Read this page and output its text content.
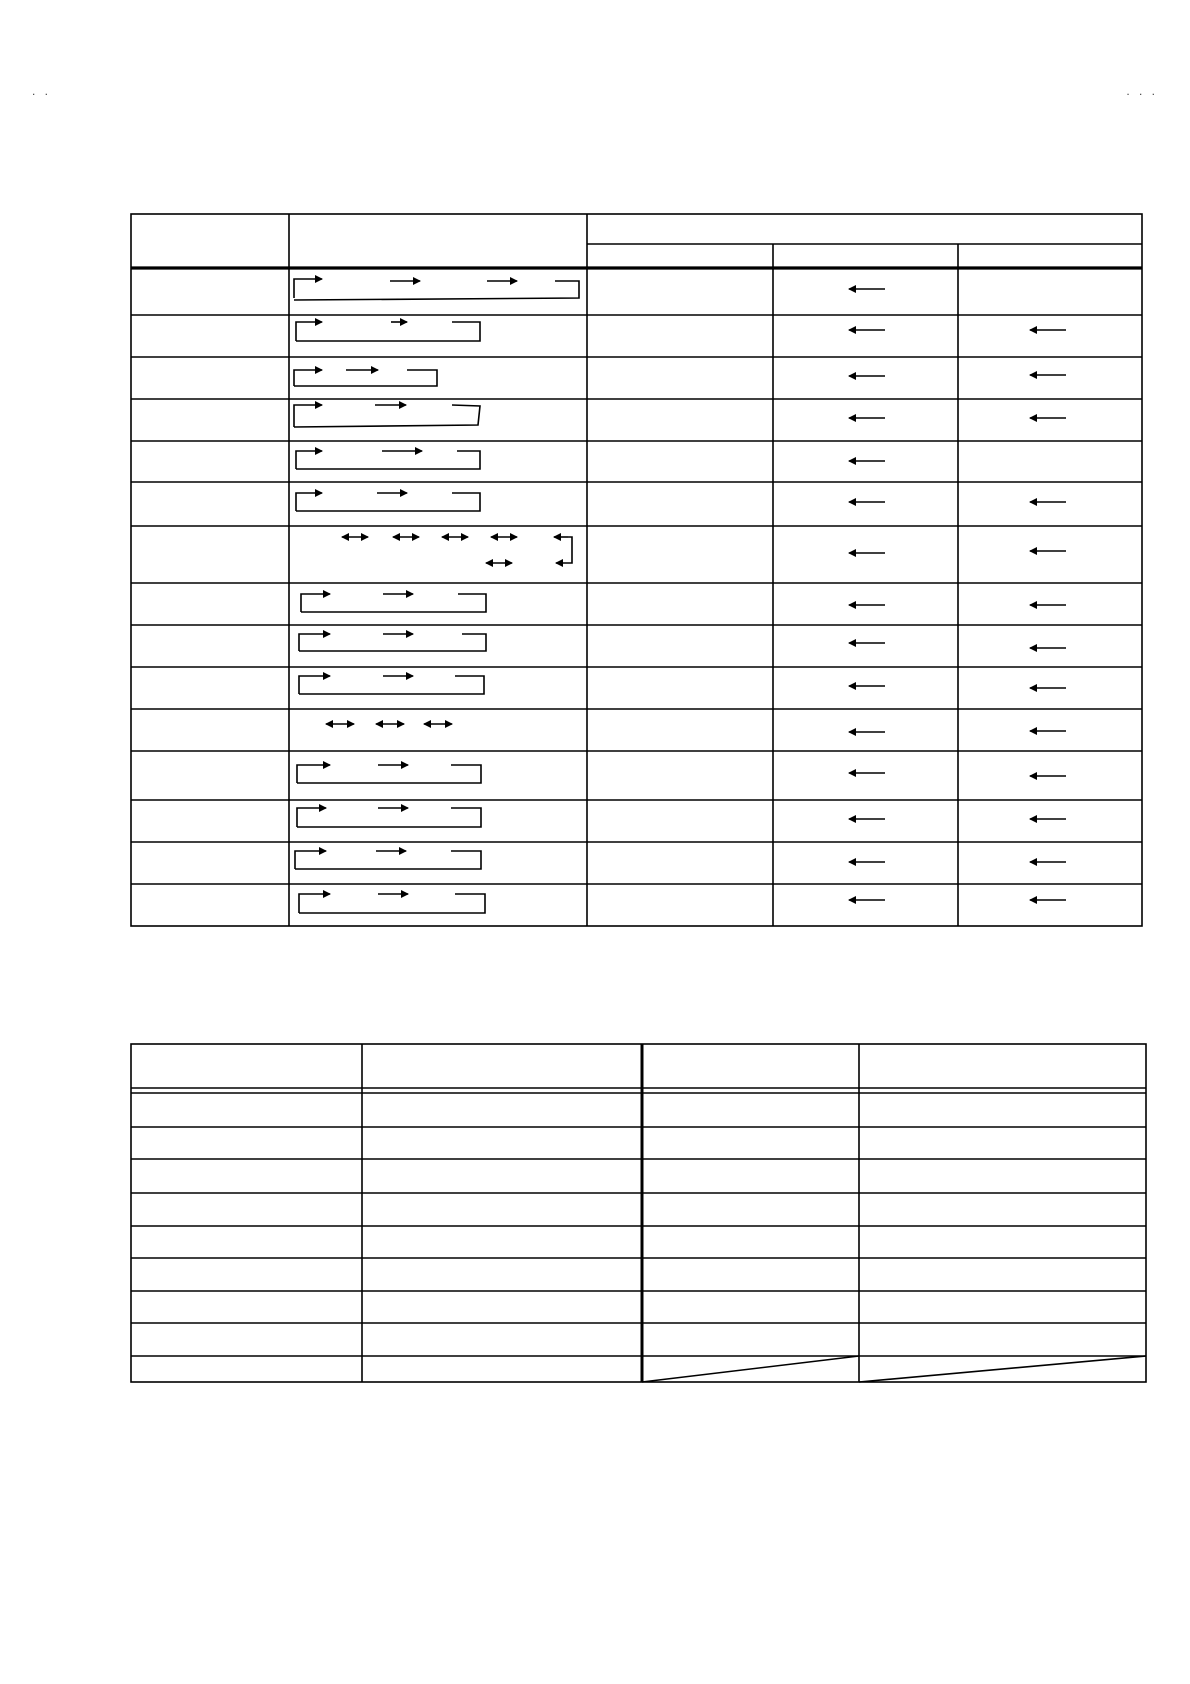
. .	. . .
